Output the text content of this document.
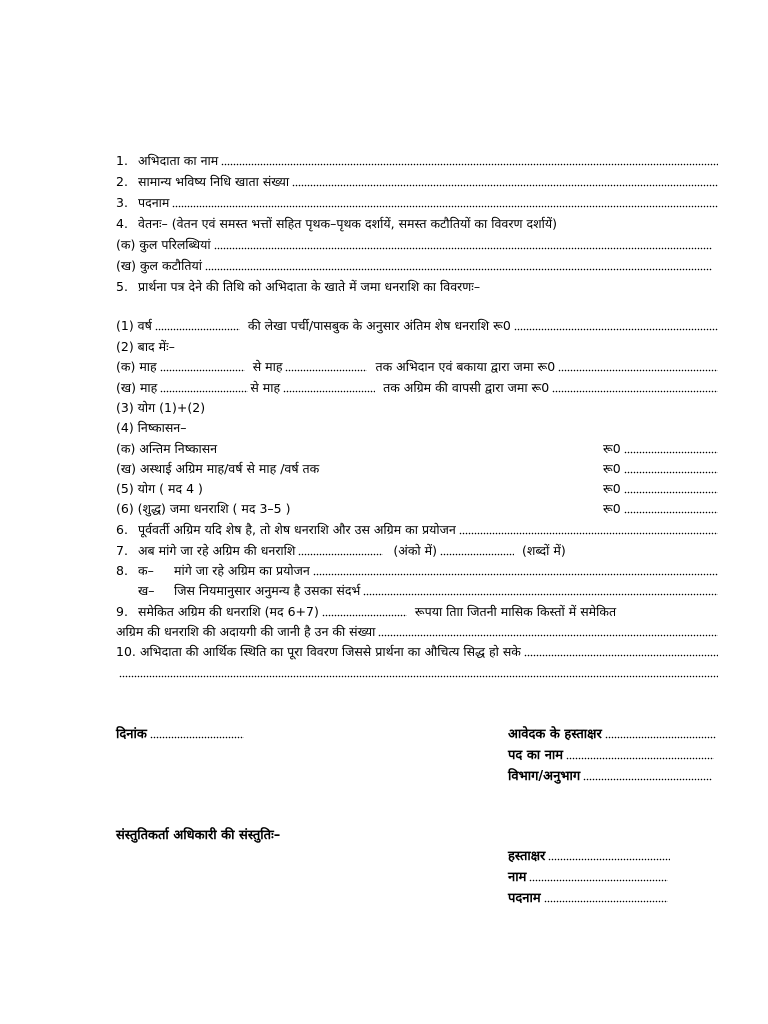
1. अभिदाता का नाम
2. सामान्य भविष्य निधि खाता संख्या
3. पदनाम
4. वेतनः– (वेतन एवं समस्त भत्तों सहित पृथक–पृथक दर्शायें, समस्त कटौतियों का विवरण दर्शायें)
(क) कुल परिलब्धियां
(ख) कुल कटौतियां
5. प्रार्थना पत्र देने की तिथि को अभिदाता के खाते में जमा धनराशि का विवरणः–
(1) वर्ष	की लेखा पर्ची/पासबुक के अनुसार अंतिम शेष धनराशि रू0
(2) बाद मेंः–
(क) माह	से माह	तक अभिदान एवं बकाया द्वारा जमा रू0
(ख) माह	से माह	तक अग्रिम की वापसी द्वारा जमा रू0
(3) योग (1)+(2)
(4) निष्कासन–
(क) अन्तिम निष्कासन	रू0
(ख) अस्थाई अग्रिम माह/वर्ष से माह /वर्ष तक	रू0
(5) योग ( मद 4 )	रू0
(6) (शुद्ध) जमा धनराशि ( मद 3–5 )	रू0
6. पूर्ववर्ती अग्रिम यदि शेष है, तो शेष धनराशि और उस अग्रिम का प्रयोजन
7. अब मांगे जा रहे अग्रिम की धनराशि	(अंको में)	(शब्दों में)
8. क–	मांगे जा रहे अग्रिम का प्रयोजन
ख–	जिस नियमानुसार अनुमन्य है उसका संदर्भ
9. समेकित अग्रिम की धनराशि (मद 6+7)	रूपया तािा जितनी मासिक किस्तों में समेकित
अग्रिम की धनराशि की अदायगी की जानी है उन की संख्या
10. अभिदाता की आर्थिक स्थिति का पूरा विवरण जिससे प्रार्थना का औचित्य सिद्ध हो सके
दिनांक	आवेदक के हस्ताक्षर
पद का नाम
विभाग/अनुभाग
संस्तुतिकर्ता अधिकारी की संस्तुतिः–
हस्ताक्षर
नाम
पदनाम
